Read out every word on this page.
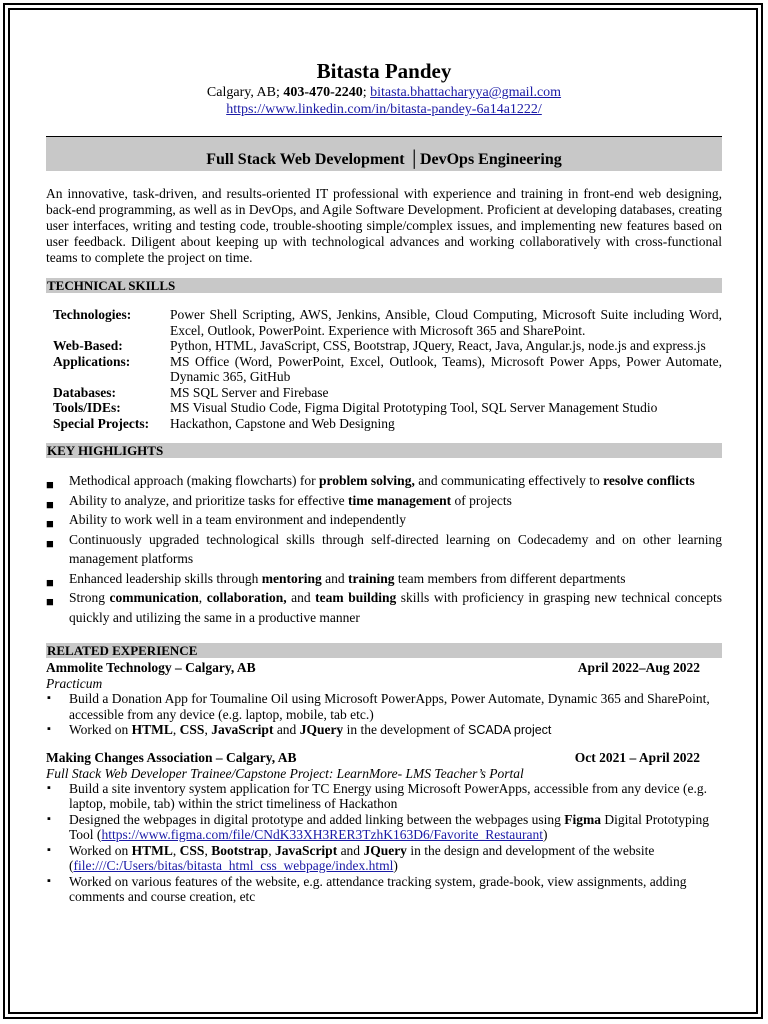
Bitasta Pandey
Calgary, AB; 403-470-2240; bitasta.bhattacharyya@gmail.com
https://www.linkedin.com/in/bitasta-pandey-6a14a1222/
Full Stack Web Development │DevOps Engineering
An innovative, task-driven, and results-oriented IT professional with experience and training in front-end web designing, back-end programming, as well as in DevOps, and Agile Software Development. Proficient at developing databases, creating user interfaces, writing and testing code, trouble-shooting simple/complex issues, and implementing new features based on user feedback. Diligent about keeping up with technological advances and working collaboratively with cross-functional teams to complete the project on time.
TECHNICAL SKILLS
Technologies:	Power Shell Scripting, AWS, Jenkins, Ansible, Cloud Computing, Microsoft Suite including Word, Excel, Outlook, PowerPoint. Experience with Microsoft 365 and SharePoint.
Web-Based:	Python, HTML, JavaScript, CSS, Bootstrap, JQuery, React, Java, Angular.js, node.js and express.js
Applications:	MS Office (Word, PowerPoint, Excel, Outlook, Teams), Microsoft Power Apps, Power Automate, Dynamic 365, GitHub
Databases:	MS SQL Server and Firebase
Tools/IDEs:	MS Visual Studio Code, Figma Digital Prototyping Tool, SQL Server Management Studio
Special Projects:	Hackathon, Capstone and Web Designing
KEY HIGHLIGHTS
■ Methodical approach (making flowcharts) for problem solving, and communicating effectively to resolve conflicts
■ Ability to analyze, and prioritize tasks for effective time management of projects
■ Ability to work well in a team environment and independently
■ Continuously upgraded technological skills through self-directed learning on Codecademy and on other learning management platforms
■ Enhanced leadership skills through mentoring and training team members from different departments
■ Strong communication, collaboration, and team building skills with proficiency in grasping new technical concepts quickly and utilizing the same in a productive manner
RELATED EXPERIENCE
Ammolite Technology – Calgary, AB	April 2022–Aug 2022
Practicum
▪ Build a Donation App for Toumaline Oil using Microsoft PowerApps, Power Automate, Dynamic 365 and SharePoint, accessible from any device (e.g. laptop, mobile, tab etc.)
▪ Worked on HTML, CSS, JavaScript and JQuery in the development of SCADA project
Making Changes Association – Calgary, AB	Oct 2021 – April 2022
Full Stack Web Developer Trainee/Capstone Project: LearnMore- LMS Teacher’s Portal
▪ Build a site inventory system application for TC Energy using Microsoft PowerApps, accessible from any device (e.g. laptop, mobile, tab) within the strict timeliness of Hackathon
▪ Designed the webpages in digital prototype and added linking between the webpages using Figma Digital Prototyping Tool (https://www.figma.com/file/CNdK33XH3RER3TzhK163D6/Favorite_Restaurant)
▪ Worked on HTML, CSS, Bootstrap, JavaScript and JQuery in the design and development of the website (file:///C:/Users/bitas/bitasta_html_css_webpage/index.html)
▪ Worked on various features of the website, e.g. attendance tracking system, grade-book, view assignments, adding comments and course creation, etc
